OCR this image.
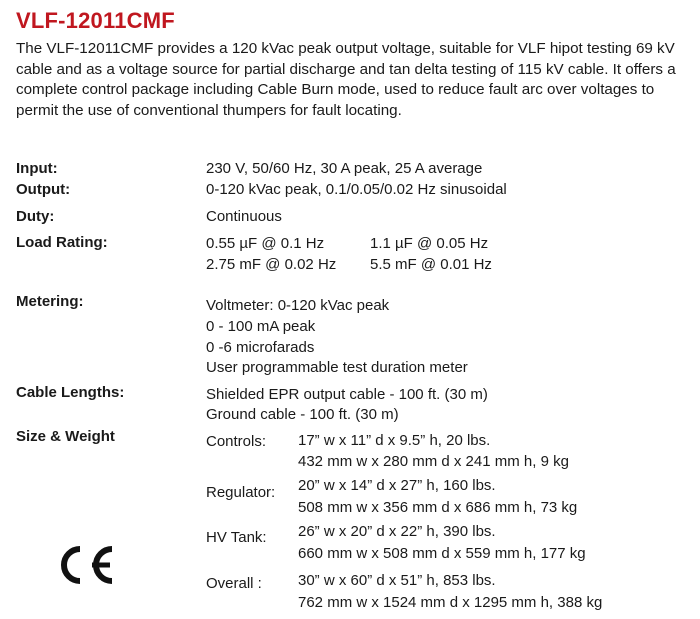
VLF-12011CMF

The VLF-12011CMF provides a 120 kVac peak output voltage, suitable for VLF hipot testing 69 kV cable and as a voltage source for partial discharge and tan delta testing of 115 kV cable. It offers a complete control package including Cable Burn mode, used to reduce fault arc over voltages to permit the use of conventional thumpers for fault locating.

Input:	230 V, 50/60 Hz, 30 A peak, 25 A average
Output:	0-120 kVac peak, 0.1/0.05/0.02 Hz sinusoidal
Duty:	Continuous
Load Rating:	0.55 µF @ 0.1 Hz	1.1 µF @ 0.05 Hz
2.75 mF @ 0.02 Hz 5.5 mF @ 0.01 Hz
Metering:	Voltmeter: 0-120 kVac peak
0 - 100 mA peak
0 -6 microfarads
User programmable test duration meter
Cable Lengths:	Shielded EPR output cable - 100 ft. (30 m)
Ground cable - 100 ft. (30 m)
Size & Weight	Controls: 17” w x 11” d x 9.5” h, 20 lbs.
432 mm w x 280 mm d x 241 mm h, 9 kg
Regulator: 20” w x 14” d x 27” h, 160 lbs.
508 mm w x 356 mm d x 686 mm h, 73 kg
HV Tank: 26” w x 20” d x 22” h, 390 lbs.
660 mm w x 508 mm d x 559 mm h, 177 kg
Overall : 30” w x 60” d x 51” h, 853 lbs.
762 mm w x 1524 mm d x 1295 mm h, 388 kg
